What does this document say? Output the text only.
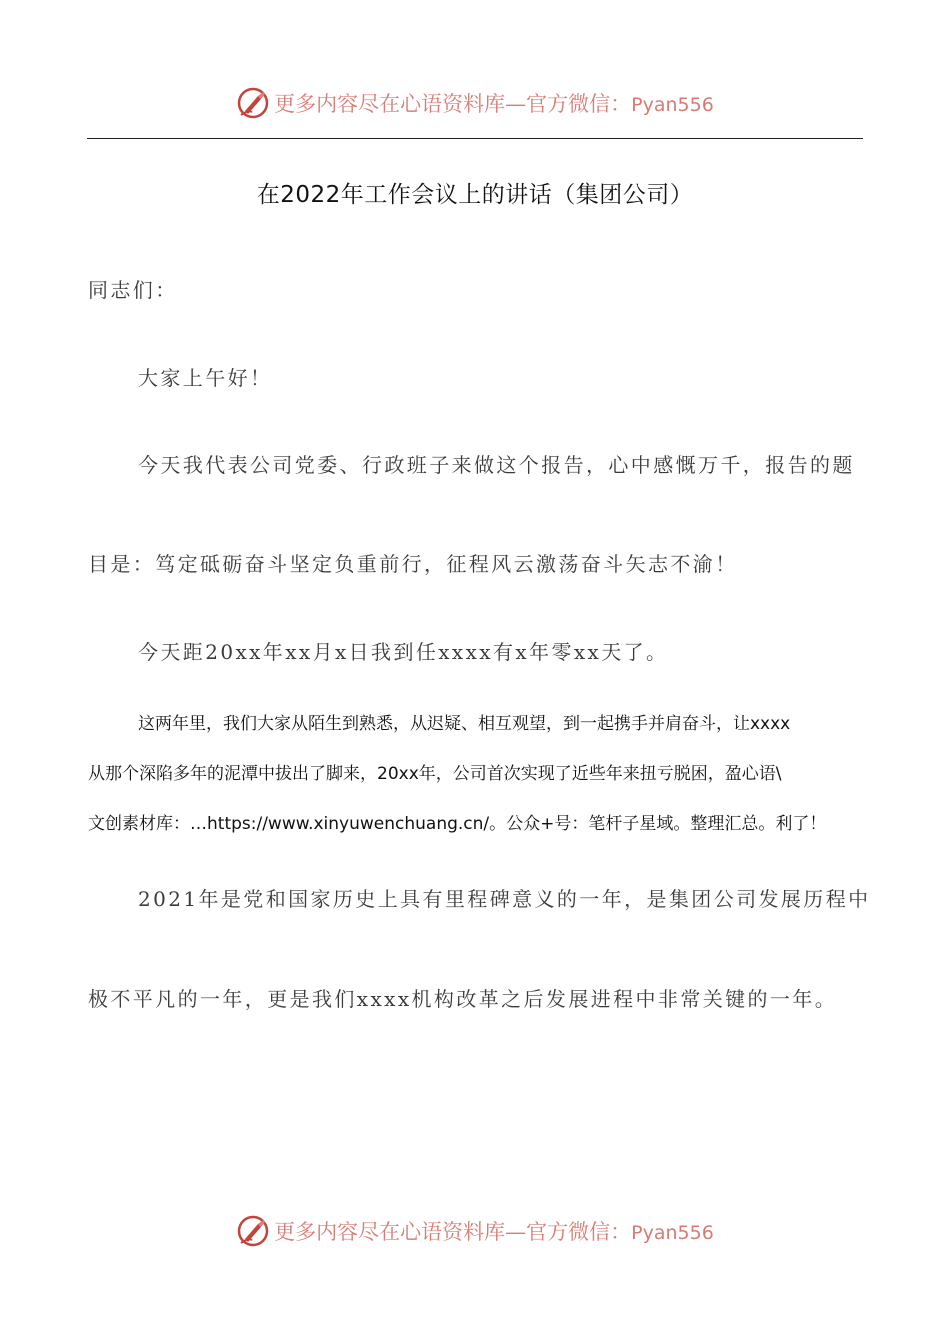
更多内容尽在心语资料库—官方微信：Pyan556
在2022年工作会议上的讲话（集团公司）
同志们：
大家上午好！
今天我代表公司党委、行政班子来做这个报告，心中感慨万千，报告的题
目是：笃定砥砺奋斗坚定负重前行，征程风云激荡奋斗矢志不渝！
今天距20xx年xx月x日我到任xxxx有x年零xx天了。
这两年里，我们大家从陌生到熟悉，从迟疑、相互观望，到一起携手并肩奋斗，让xxxx
从那个深陷多年的泥潭中拔出了脚来，20xx年，公司首次实现了近些年来扭亏脱困，盈心语\
文创素材库：…https://www.xinyuwenchuang.cn/。公众+号：笔杆子星域。整理汇总。利了！
2021年是党和国家历史上具有里程碑意义的一年，是集团公司发展历程中
极不平凡的一年，更是我们xxxx机构改革之后发展进程中非常关键的一年。
更多内容尽在心语资料库—官方微信：Pyan556
